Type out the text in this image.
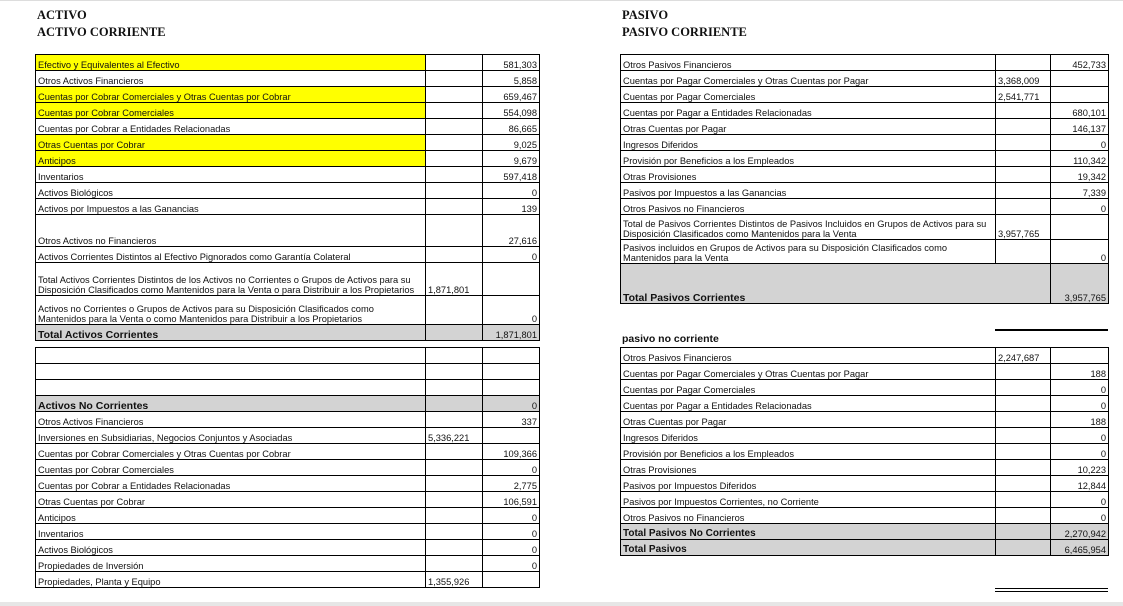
ACTIVO
ACTIVO CORRIENTE
PASIVO
PASIVO CORRIENTE
Efectivo y Equivalentes al Efectivo		581,303
Otros Activos Financieros		5,858
Cuentas por Cobrar Comerciales y Otras Cuentas por Cobrar		659,467
Cuentas por Cobrar Comerciales		554,098
Cuentas por Cobrar a Entidades Relacionadas		86,665
Otras Cuentas por Cobrar		9,025
Anticipos		9,679
Inventarios		597,418
Activos Biológicos		0
Activos por Impuestos a las Ganancias		139
Otros Activos no Financieros		27,616
Activos Corrientes Distintos al Efectivo Pignorados como Garantía Colateral		0
Total Activos Corrientes Distintos de los Activos no Corrientes o Grupos de Activos para su Disposición Clasificados como Mantenidos para la Venta o para Distribuir a los Propietarios	1,871,801	
Activos no Corrientes o Grupos de Activos para su Disposición Clasificados como Mantenidos para la Venta o como Mantenidos para Distribuir a los Propietarios		0
Total Activos Corrientes		1,871,801

Activos No Corrientes		0
Otros Activos Financieros		337
Inversiones en Subsidiarias, Negocios Conjuntos y Asociadas	5,336,221	
Cuentas por Cobrar Comerciales y Otras Cuentas por Cobrar		109,366
Cuentas por Cobrar Comerciales		0
Cuentas por Cobrar a Entidades Relacionadas		2,775
Otras Cuentas por Cobrar		106,591
Anticipos		0
Inventarios		0
Activos Biológicos		0
Propiedades de Inversión		0
Propiedades, Planta y Equipo	1,355,926	
Otros Pasivos Financieros		452,733
Cuentas por Pagar Comerciales y Otras Cuentas por Pagar	3,368,009	
Cuentas por Pagar Comerciales	2,541,771	
Cuentas por Pagar a Entidades Relacionadas		680,101
Otras Cuentas por Pagar		146,137
Ingresos Diferidos		0
Provisión por Beneficios a los Empleados		110,342
Otras Provisiones		19,342
Pasivos por Impuestos a las Ganancias		7,339
Otros Pasivos no Financieros		0
Total de Pasivos Corrientes Distintos de Pasivos Incluidos en Grupos de Activos para su Disposición Clasificados como Mantenidos para la Venta	3,957,765	
Pasivos incluidos en Grupos de Activos para su Disposición Clasificados como Mantenidos para la Venta		0
Total Pasivos Corrientes		3,957,765
pasivo no corriente
Otros Pasivos Financieros	2,247,687	
Cuentas por Pagar Comerciales y Otras Cuentas por Pagar		188
Cuentas por Pagar Comerciales		0
Cuentas por Pagar a Entidades Relacionadas		0
Otras Cuentas por Pagar		188
Ingresos Diferidos		0
Provisión por Beneficios a los Empleados		0
Otras Provisiones		10,223
Pasivos por Impuestos Diferidos		12,844
Pasivos por Impuestos Corrientes, no Corriente		0
Otros Pasivos no Financieros		0
Total Pasivos No Corrientes		2,270,942
Total Pasivos		6,465,954
